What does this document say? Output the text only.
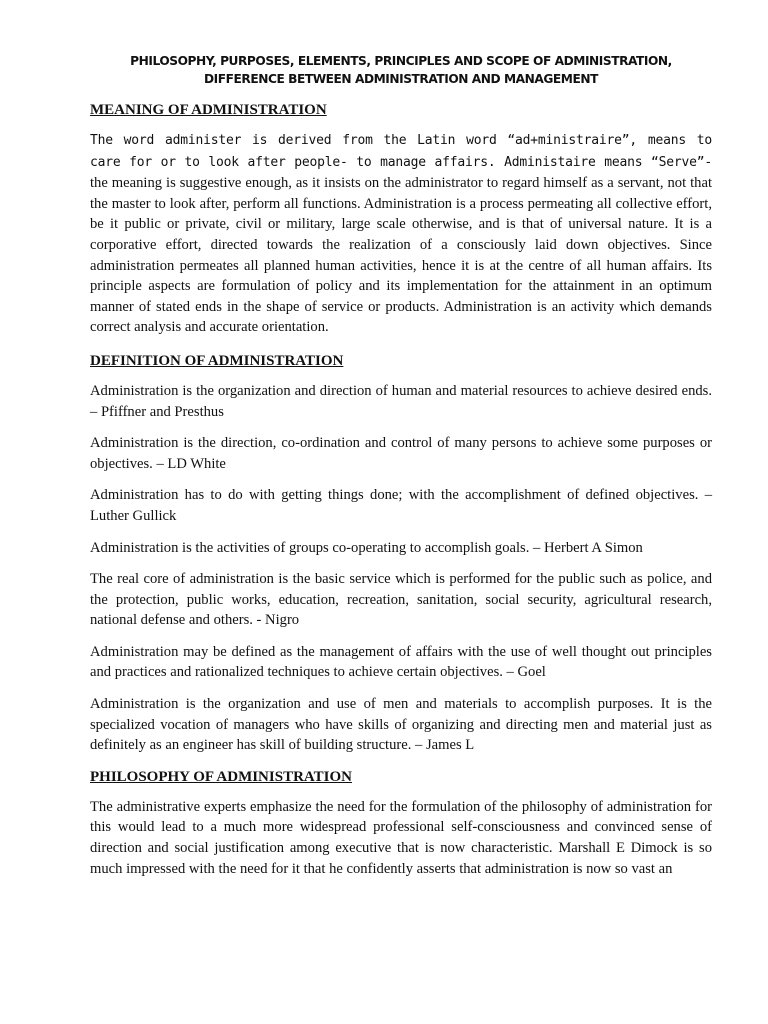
PHILOSOPHY, PURPOSES, ELEMENTS, PRINCIPLES AND SCOPE OF ADMINISTRATION, DIFFERENCE BETWEEN ADMINISTRATION AND MANAGEMENT
MEANING OF ADMINISTRATION

The word administer is derived from the Latin word “ad+ministraire”, means to care for or to look after people- to manage affairs. Administaire means “Serve”- the meaning is suggestive enough, as it insists on the administrator to regard himself as a servant, not that the master to look after, perform all functions. Administration is a process permeating all collective effort, be it public or private, civil or military, large scale otherwise, and is that of universal nature. It is a corporative effort, directed towards the realization of a consciously laid down objectives. Since administration permeates all planned human activities, hence it is at the centre of all human affairs. Its principle aspects are formulation of policy and its implementation for the attainment in an optimum manner of stated ends in the shape of service or products. Administration is an activity which demands correct analysis and accurate orientation.

DEFINITION OF ADMINISTRATION

Administration is the organization and direction of human and material resources to achieve desired ends. – Pfiffner and Presthus

Administration is the direction, co-ordination and control of many persons to achieve some purposes or objectives. – LD White

Administration has to do with getting things done; with the accomplishment of defined objectives. – Luther Gullick

Administration is the activities of groups co-operating to accomplish goals. – Herbert A Simon

The real core of administration is the basic service which is performed for the public such as police, and the protection, public works, education, recreation, sanitation, social security, agricultural research, national defense and others. - Nigro

Administration may be defined as the management of affairs with the use of well thought out principles and practices and rationalized techniques to achieve certain objectives. – Goel

Administration is the organization and use of men and materials to accomplish purposes. It is the specialized vocation of managers who have skills of organizing and directing men and material just as definitely as an engineer has skill of building structure. – James L

PHILOSOPHY OF ADMINISTRATION

The administrative experts emphasize the need for the formulation of the philosophy of administration for this would lead to a much more widespread professional self-consciousness and convinced sense of direction and social justification among executive that is now characteristic. Marshall E Dimock is so much impressed with the need for it that he confidently asserts that administration is now so vast an
